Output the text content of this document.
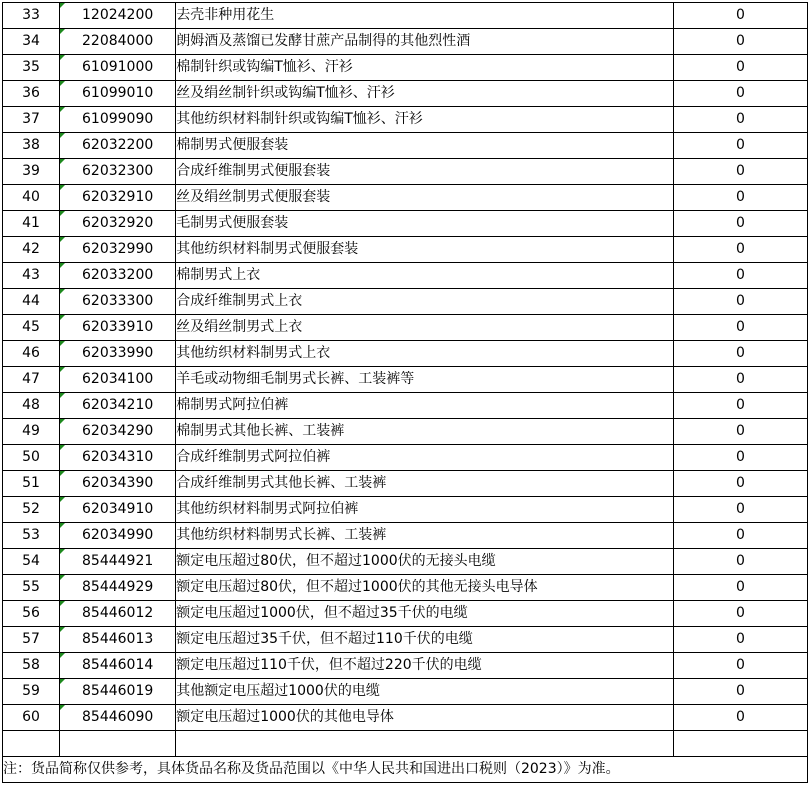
33	12024200	去壳非种用花生	0
34	22084000	朗姆酒及蒸馏已发酵甘蔗产品制得的其他烈性酒	0
35	61091000	棉制针织或钩编T恤衫、汗衫	0
36	61099010	丝及绢丝制针织或钩编T恤衫、汗衫	0
37	61099090	其他纺织材料制针织或钩编T恤衫、汗衫	0
38	62032200	棉制男式便服套装	0
39	62032300	合成纤维制男式便服套装	0
40	62032910	丝及绢丝制男式便服套装	0
41	62032920	毛制男式便服套装	0
42	62032990	其他纺织材料制男式便服套装	0
43	62033200	棉制男式上衣	0
44	62033300	合成纤维制男式上衣	0
45	62033910	丝及绢丝制男式上衣	0
46	62033990	其他纺织材料制男式上衣	0
47	62034100	羊毛或动物细毛制男式长裤、工装裤等	0
48	62034210	棉制男式阿拉伯裤	0
49	62034290	棉制男式其他长裤、工装裤	0
50	62034310	合成纤维制男式阿拉伯裤	0
51	62034390	合成纤维制男式其他长裤、工装裤	0
52	62034910	其他纺织材料制男式阿拉伯裤	0
53	62034990	其他纺织材料制男式长裤、工装裤	0
54	85444921	额定电压超过80伏，但不超过1000伏的无接头电缆	0
55	85444929	额定电压超过80伏，但不超过1000伏的其他无接头电导体	0
56	85446012	额定电压超过1000伏，但不超过35千伏的电缆	0
57	85446013	额定电压超过35千伏，但不超过110千伏的电缆	0
58	85446014	额定电压超过110千伏，但不超过220千伏的电缆	0
59	85446019	其他额定电压超过1000伏的电缆	0
60	85446090	额定电压超过1000伏的其他电导体	0

注：货品简称仅供参考，具体货品名称及货品范围以《中华人民共和国进出口税则（2023）》为准。			
